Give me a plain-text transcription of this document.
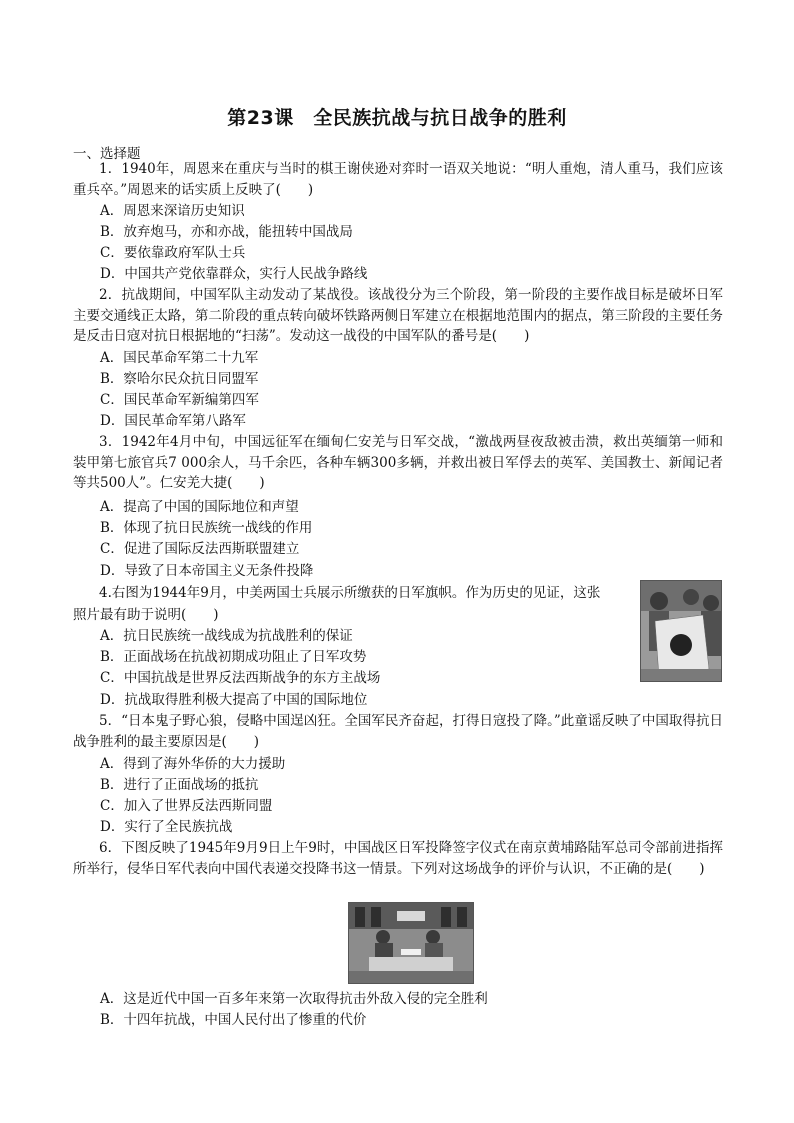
第23课　全民族抗战与抗日战争的胜利
一、选择题
1．1940年，周恩来在重庆与当时的棋王谢侠逊对弈时一语双关地说：“明人重炮，清人重马，我们应该重兵卒。”周恩来的话实质上反映了(　　)
A．周恩来深谙历史知识
B．放弃炮马，亦和亦战，能扭转中国战局
C．要依靠政府军队士兵
D．中国共产党依靠群众，实行人民战争路线
2．抗战期间，中国军队主动发动了某战役。该战役分为三个阶段，第一阶段的主要作战目标是破坏日军主要交通线正太路，第二阶段的重点转向破坏铁路两侧日军建立在根据地范围内的据点，第三阶段的主要任务是反击日寇对抗日根据地的“扫荡”。发动这一战役的中国军队的番号是(　　)
A．国民革命军第二十九军
B．察哈尔民众抗日同盟军
C．国民革命军新编第四军
D．国民革命军第八路军
3．1942年4月中旬，中国远征军在缅甸仁安羌与日军交战，“激战两昼夜敌被击溃，救出英缅第一师和装甲第七旅官兵7 000余人，马千余匹，各种车辆300多辆，并救出被日军俘去的英军、美国教士、新闻记者等共500人”。仁安羌大捷(　　)
A．提高了中国的国际地位和声望
B．体现了抗日民族统一战线的作用
C．促进了国际反法西斯联盟建立
D．导致了日本帝国主义无条件投降
4.右图为1944年9月，中美两国士兵展示所缴获的日军旗帜。作为历史的见证，这张
照片最有助于说明(　　)
A．抗日民族统一战线成为抗战胜利的保证
B．正面战场在抗战初期成功阻止了日军攻势
C．中国抗战是世界反法西斯战争的东方主战场
D．抗战取得胜利极大提高了中国的国际地位
5．“日本鬼子野心狼，侵略中国逞凶狂。全国军民齐奋起，打得日寇投了降。”此童谣反映了中国取得抗日战争胜利的最主要原因是(　　)
A．得到了海外华侨的大力援助
B．进行了正面战场的抵抗
C．加入了世界反法西斯同盟
D．实行了全民族抗战
6．下图反映了1945年9月9日上午9时，中国战区日军投降签字仪式在南京黄埔路陆军总司令部前进指挥所举行，侵华日军代表向中国代表递交投降书这一情景。下列对这场战争的评价与认识，不正确的是(　　)
A．这是近代中国一百多年来第一次取得抗击外敌入侵的完全胜利
B．十四年抗战，中国人民付出了惨重的代价
